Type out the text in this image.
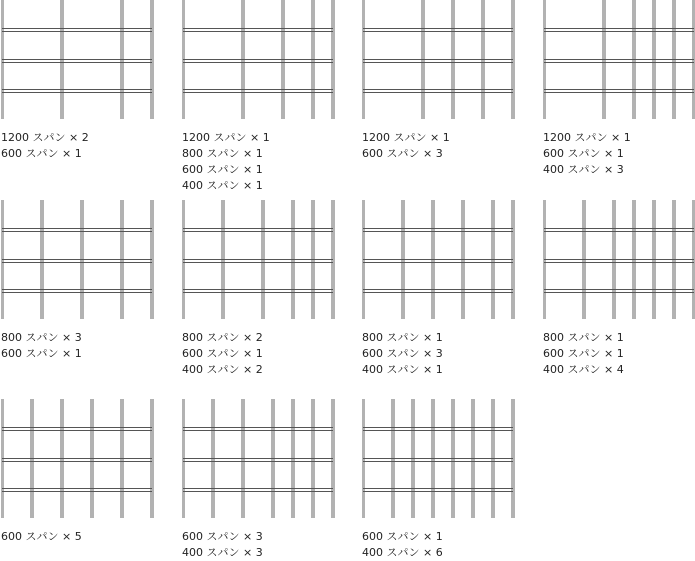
1200 スパン × 2
600 スパン × 1
1200 スパン × 1
800 スパン × 1
600 スパン × 1
400 スパン × 1
1200 スパン × 1
600 スパン × 3
1200 スパン × 1
600 スパン × 1
400 スパン × 3
800 スパン × 3
600 スパン × 1
800 スパン × 2
600 スパン × 1
400 スパン × 2
800 スパン × 1
600 スパン × 3
400 スパン × 1
800 スパン × 1
600 スパン × 1
400 スパン × 4
600 スパン × 5	600 スパン × 3
400 スパン × 3
600 スパン × 1
400 スパン × 6
